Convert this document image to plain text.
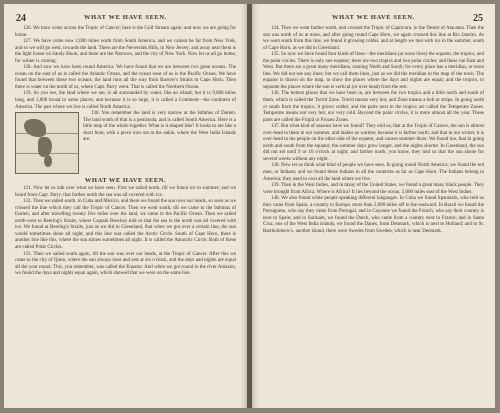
24	WHAT WE HAVE SEEN.

126. We have come across the Tropic of Cancer; here is the Gulf Stream again; and now we are going for home.

127. We have come now 2,000 miles north from South America, and we cannot be far from New York, and so we will go west, towards the land. There are the Neversink Hills, in New Jersey; and away near them is the light house on Sandy Hook; and there are the Narrows, and the city of New York. Now let us all go home, for winter is coming.

128. And now we have been round America. We have found that we are between two great oceans. The ocean on the east of us is called the Atlantic Ocean, and the ocean west of us is the Pacific Ocean. We have found that between these two oceans, the land runs all the way from Barrow's Straits to Cape Horn. Then there is water on the north of us, where Capt. Parry went. That is called the Northern Ocean.

129. So you see, the land where we are, is all surrounded by water, like an island; but it is 9,000 miles long, and 3,000 broad in some places; and because it is so large, it is called a Continent—the continent of America. The part where we live is called North America.

130. You remember the land is very narrow at the Isthmus of Darien. The land south of that is a peninsula, and is called South America. Here is a little map of the whole together. What is it shaped like? It looks to me like a short boot, with a piece torn out at the ankle, where the West India Islands are.

WHAT WE HAVE SEEN.

131. Now let us talk over what we have seen. First we sailed north, till we found ice in summer; and we heard from Capt. Parry, that farther north the sea was all covered with ice.

132. Then we sailed south, to Cuba and Mexico, and there we found the sun over our heads, so soon as we crossed the line which they call the Tropic of Cancer. Then we went south, till we came to the Isthmus of Darien; and after travelling twenty five miles over the land, we came to the Pacific Ocean. Then we sailed north-west to Beering's Straits, where Captain Beechey told us that the sea to the north was all covered with ice. We found at Beering's Straits, just as we did in Greenland, that when we got over a certain line, the sun would sometimes shine all night, and this line was called the Arctic Circle. South of Cape Horn, there is another line like this, where the sun shines sometimes all night. It is called the Antarctic Circle. Both of these are called Polar Circles.

133. Then we sailed south again, till the sun was over our heads, at the Tropic of Cancer. After this we came to the city of Quito, where the sun always rises and sets at six o'clock, and the days and nights are equal all the year round. This, you remember, was called the Equator. And when we got round to the river Amazon, we found the days and nights equal again, which showed that we were on the same line.

WHAT WE HAVE SEEN.	25

134. Then we went farther south, and crossed the Tropic of Capricorn, in the Desert of Atacama. Then the sun was north of us at noon, and after going round Cape Horn, we again crossed this line at Rio Janeiro. As we went south from this line, we found it growing colder, and at length we met with ice in the summer, south of Cape Horn, as we did in Greenland.

135. So now we have found four kinds of lines—the meridians (or noon lines) the equator, the tropics, and the polar circles. There is only one equator; there are two tropics and two polar circles; and these run East and West. But there are a great many meridians, running North and South; for every place has a meridian, or noon line. We did not see any lines; but we call them lines, just as we did the meridian in the map of the town. The equator is drawn on the map, to show the places where the days and nights are equal; and the tropics, to separate the places where the sun is vertical (or over head) from the rest.

136. The hottest places that we have been in, are between the two tropics and a little north and south of them, which is called the Torrid Zone. Torrid means very hot, and Zone means a belt or stripe. In going north or south from the tropics, it grows colder, and the parts next to the tropics are called the Temperate Zones. Temperate means not very hot, nor very cold. Beyond the polar circles, it is more almost all the year. These parts are called the Frigid or Frozen Zones.

137. But what kind of seasons have we found? They told us, that at the Tropic of Cancer, the sun is almost over-head to them in our summer, and makes us warmer, because it is farther north; and that in our winter, it is over-head to the people on the other side of the equator, and causes summer there. We found too, that in going north and south from the equator, the summer days grew longer, and the nights shorter. In Greenland, the sun did not set until 9 or 10 o'clock at night; and farther north, you know, they told us that the sun shone for several weeks without any night.

138. Now let us think what kind of people we have seen. In going round North America, we found the red men, or Indians; and we found these Indians in all the countries as far as Cape Horn. The Indians belong in America; they used to own all the land where we live.

139. Then in the West Indies, and in many of the United States, we found a great many black people. They were brought from Africa. Where is Africa? It lies beyond the ocean, 3,000 miles east of the West Indies.

140. We also found white people speaking different languages. In Cuba we found Spaniards, who told us they came from Spain, a country in Europe, more than 3,000 miles off to the eastward. In Brazil we found the Portuguese, who say they came from Portugal, and in Cayenne we found the French, who say their country is next to Spain; and in Surinam, we found the Dutch, who came from a country next to France; and in Santa Cruz, one of the West India islands, we found the Danes, from Denmark, which is next to Holland; and in St. Bartholomew's, another island, there were Swedes from Sweden, which is near Denmark.
